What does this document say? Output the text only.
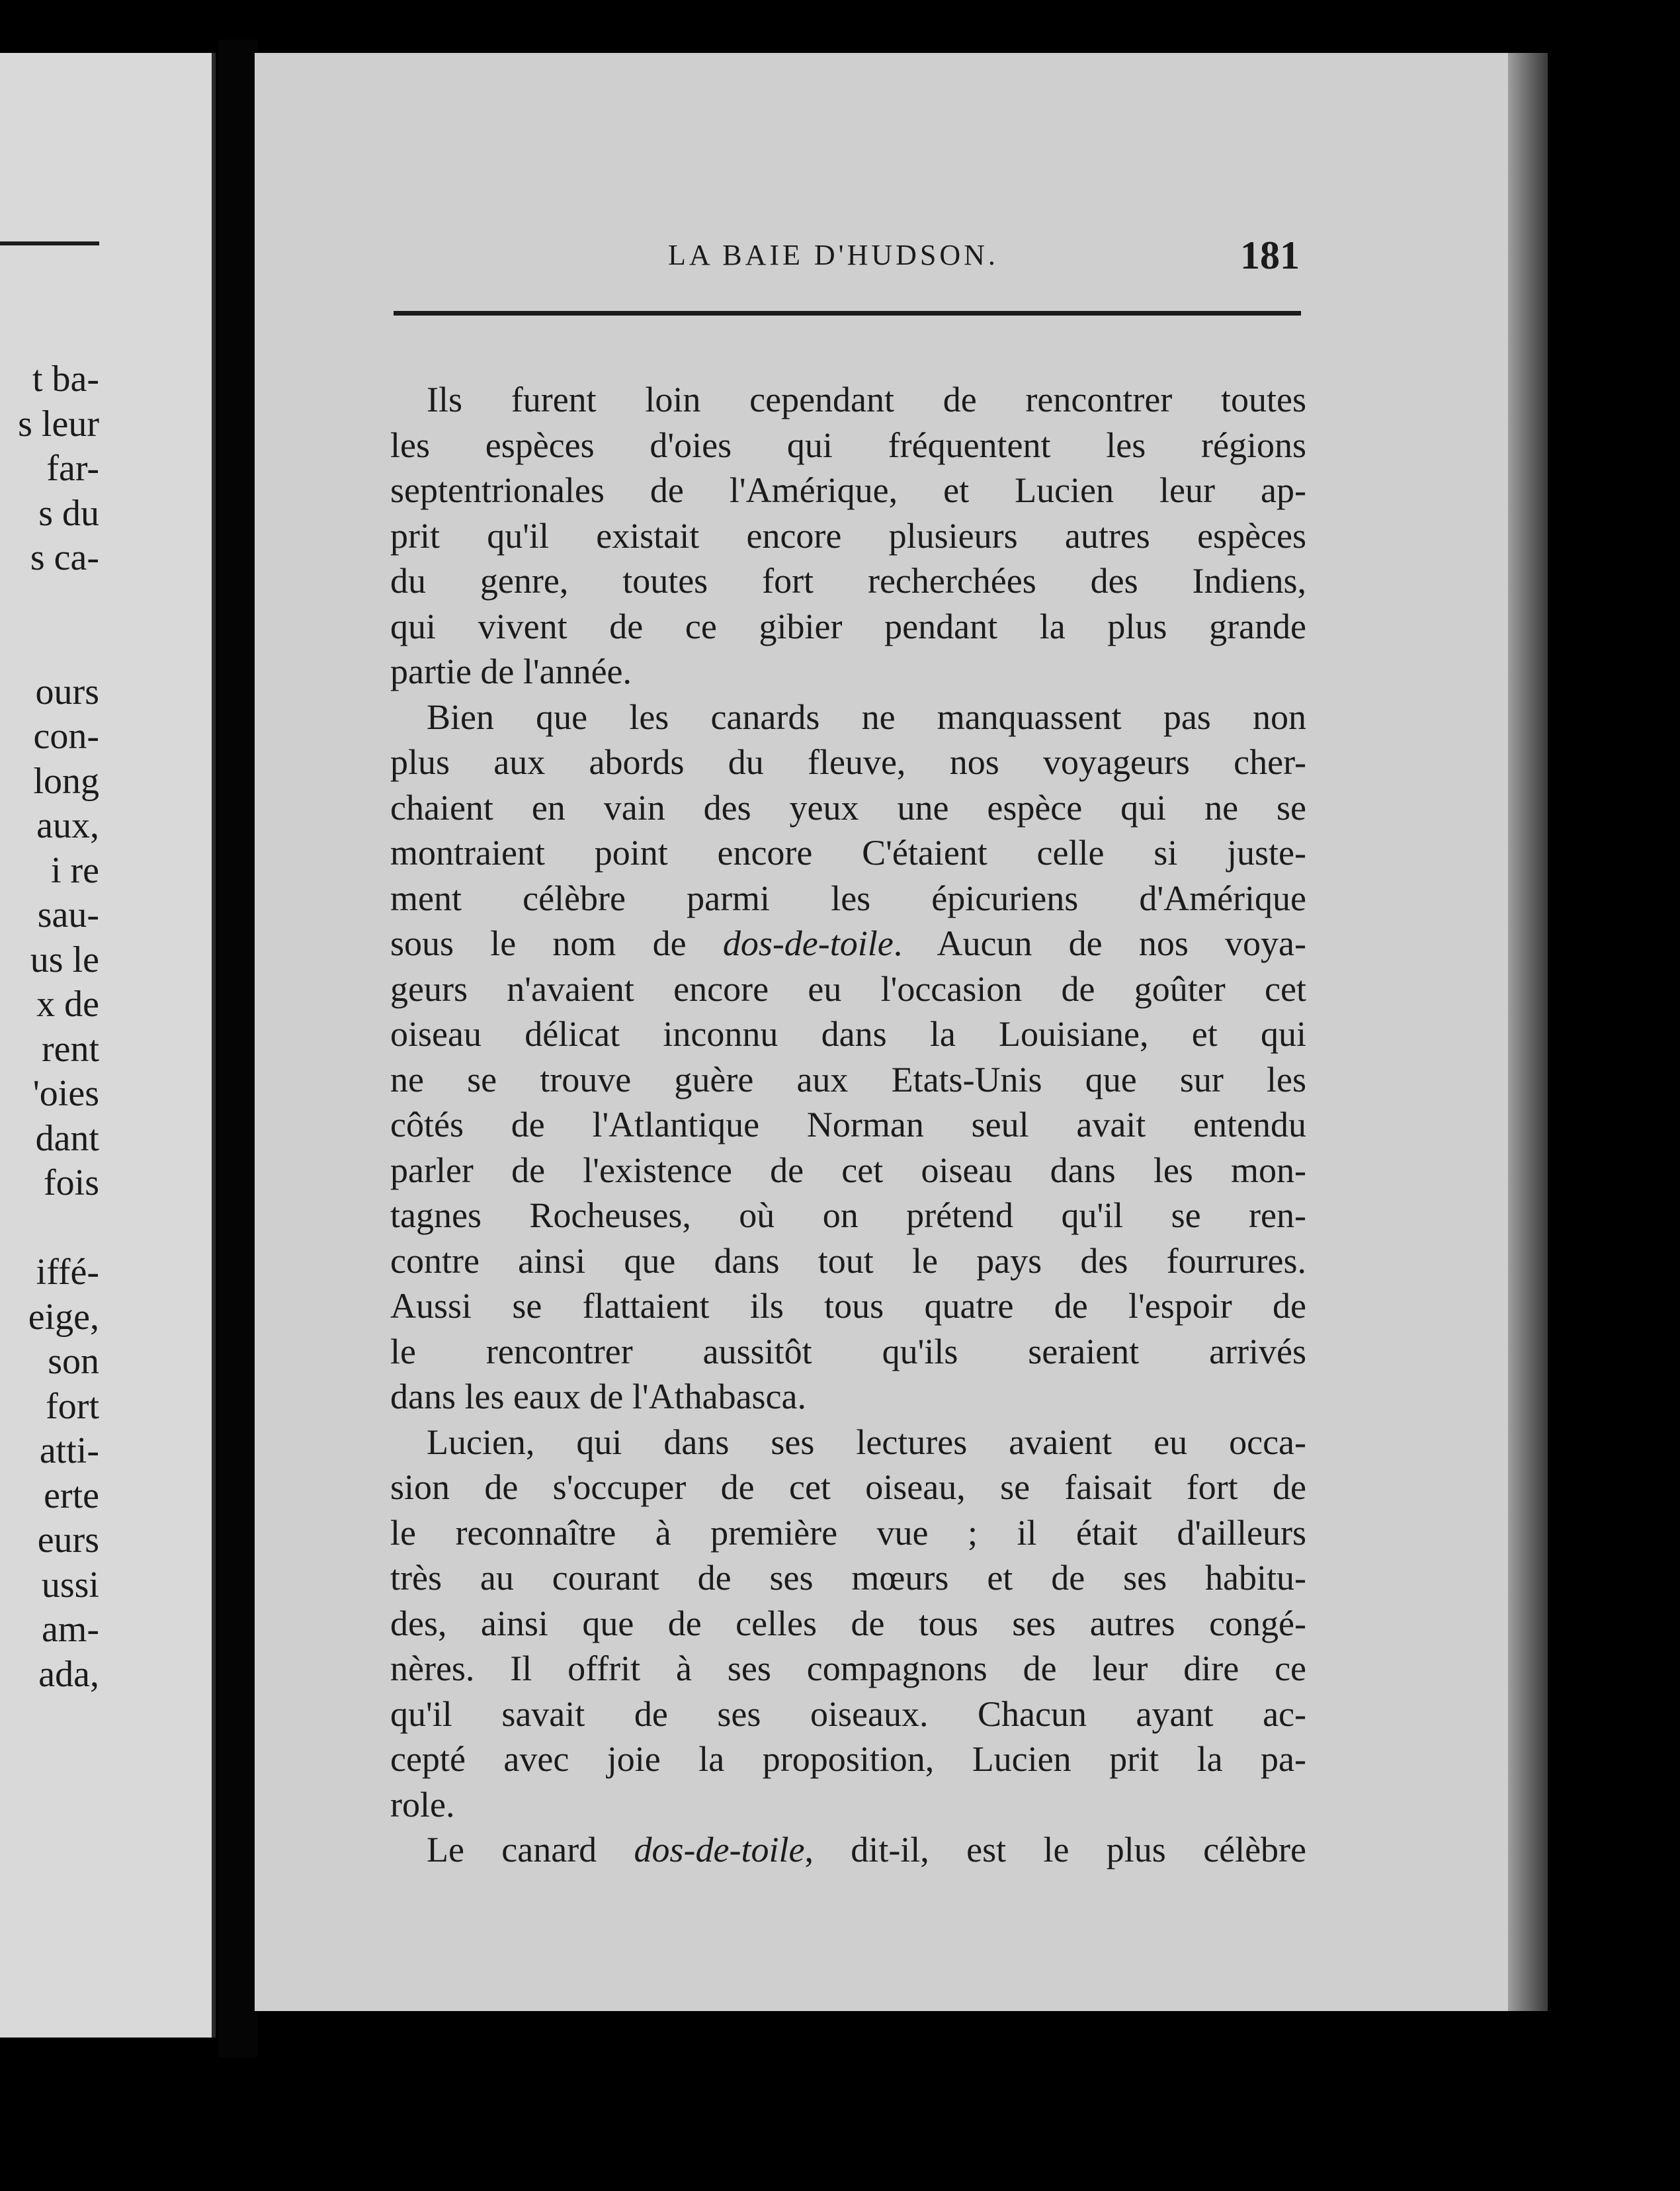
t ba-
s leur
far-
s du
s ca-
ours
con-
long
aux,
i re
sau-
us le
x de
rent
'oies
dant
fois
iffé-
eige,
son
fort
atti-
erte
eurs
ussi
am-
ada,
LA BAIE D'HUDSON.	181
Ils furent loin cependant de rencontrer toutes
les espèces d'oies qui fréquentent les régions
septentrionales de l'Amérique, et Lucien leur ap-
prit qu'il existait encore plusieurs autres espèces
du genre, toutes fort recherchées des Indiens,
qui vivent de ce gibier pendant la plus grande
partie de l'année.
Bien que les canards ne manquassent pas non
plus aux abords du fleuve, nos voyageurs cher-
chaient en vain des yeux une espèce qui ne se
montraient point encore C'étaient celle si juste-
ment célèbre parmi les épicuriens d'Amérique
sous le nom de dos-de-toile. Aucun de nos voya-
geurs n'avaient encore eu l'occasion de goûter cet
oiseau délicat inconnu dans la Louisiane, et qui
ne se trouve guère aux Etats-Unis que sur les
côtés de l'Atlantique Norman seul avait entendu
parler de l'existence de cet oiseau dans les mon-
tagnes Rocheuses, où on prétend qu'il se ren-
contre ainsi que dans tout le pays des fourrures.
Aussi se flattaient ils tous quatre de l'espoir de
le rencontrer aussitôt qu'ils seraient arrivés
dans les eaux de l'Athabasca.
Lucien, qui dans ses lectures avaient eu occa-
sion de s'occuper de cet oiseau, se faisait fort de
le reconnaître à première vue ; il était d'ailleurs
très au courant de ses mœurs et de ses habitu-
des, ainsi que de celles de tous ses autres congé-
nères. Il offrit à ses compagnons de leur dire ce
qu'il savait de ses oiseaux. Chacun ayant ac-
cepté avec joie la proposition, Lucien prit la pa-
role.
Le canard dos-de-toile, dit-il, est le plus célèbre
